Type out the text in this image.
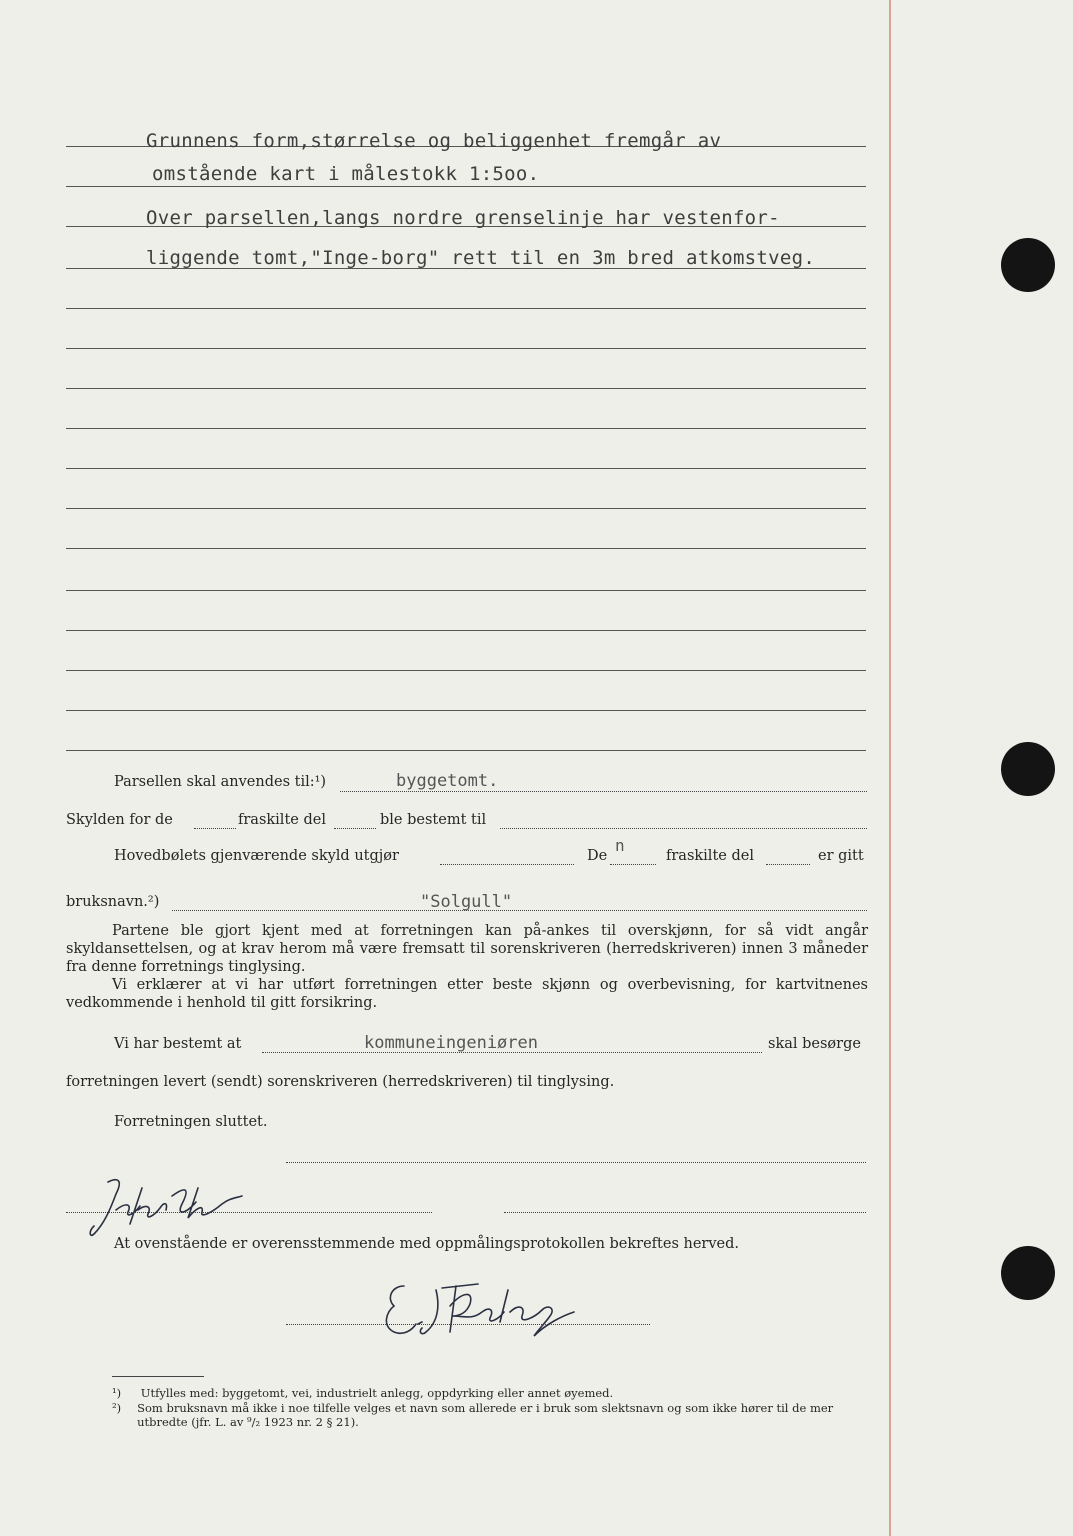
Grunnens form,størrelse og beliggenhet fremgår av
omstående kart i målestokk 1:5oo.
Over parsellen,langs nordre grenselinje har vestenfor-
liggende tomt,"Inge-borg" rett til en 3m bred atkomstveg.
Parsellen skal anvendes til:¹)	byggetomt.
Skylden for de	fraskilte del	ble bestemt til
Hovedbølets gjenværende skyld utgjør	De
n
fraskilte del	er gitt
bruksnavn.²)	"Solgull"

Partene ble gjort kjent med at forretningen kan på-ankes til overskjønn, for så vidt angår skyldansettelsen, og at krav herom må være fremsatt til sorenskriveren (herredskriveren) innen 3 måneder fra denne forretnings tinglysing.

Vi erklærer at vi har utført forretningen etter beste skjønn og overbevisning, for kartvitnenes vedkommende i henhold til gitt forsikring.

Vi har bestemt at	kommuneingeniøren	skal besørge
forretningen levert (sendt) sorenskriveren (herredskriveren) til tinglysing.
Forretningen sluttet.
At ovenstående er overensstemmende med oppmålingsprotokollen bekreftes herved.
¹) Utfylles med: byggetomt, vei, industrielt anlegg, oppdyrking eller annet øyemed.
²) Som bruksnavn må ikke i noe tilfelle velges et navn som allerede er i bruk som slektsnavn og som ikke hører til de mer utbredte (jfr. L. av ⁹/₂ 1923 nr. 2 § 21).
